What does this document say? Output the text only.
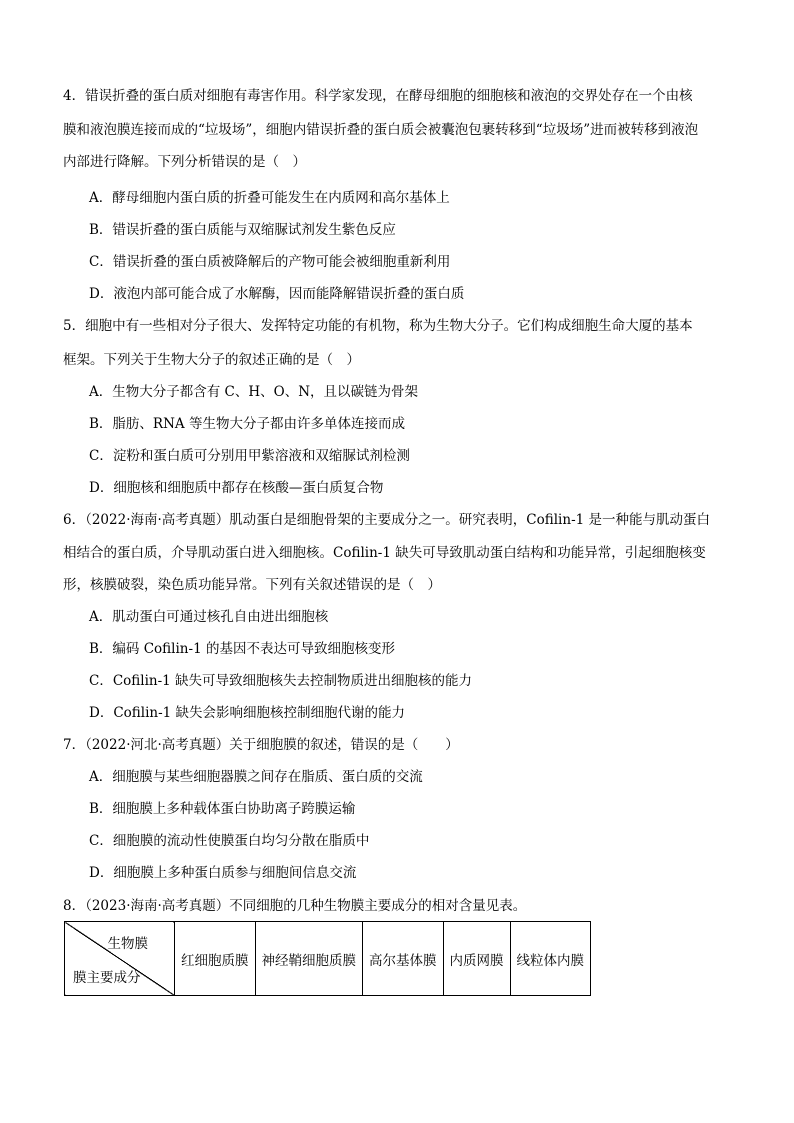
4．错误折叠的蛋白质对细胞有毒害作用。科学家发现，在酵母细胞的细胞核和液泡的交界处存在一个由核
膜和液泡膜连接而成的“垃圾场”，细胞内错误折叠的蛋白质会被囊泡包裹转移到“垃圾场”进而被转移到液泡
内部进行降解。下列分析错误的是（　）
A．酵母细胞内蛋白质的折叠可能发生在内质网和高尔基体上
B．错误折叠的蛋白质能与双缩脲试剂发生紫色反应
C．错误折叠的蛋白质被降解后的产物可能会被细胞重新利用
D．液泡内部可能合成了水解酶，因而能降解错误折叠的蛋白质
5．细胞中有一些相对分子很大、发挥特定功能的有机物，称为生物大分子。它们构成细胞生命大厦的基本
框架。下列关于生物大分子的叙述正确的是（　）
A．生物大分子都含有 C、H、O、N，且以碳链为骨架
B．脂肪、RNA 等生物大分子都由许多单体连接而成
C．淀粉和蛋白质可分别用甲紫溶液和双缩脲试剂检测
D．细胞核和细胞质中都存在核酸—蛋白质复合物
6．（2022·海南·高考真题）肌动蛋白是细胞骨架的主要成分之一。研究表明，Cofilin-1 是一种能与肌动蛋白
相结合的蛋白质，介导肌动蛋白进入细胞核。Cofilin-1 缺失可导致肌动蛋白结构和功能异常，引起细胞核变
形，核膜破裂，染色质功能异常。下列有关叙述错误的是（　）
A．肌动蛋白可通过核孔自由进出细胞核
B．编码 Cofilin-1 的基因不表达可导致细胞核变形
C．Cofilin-1 缺失可导致细胞核失去控制物质进出细胞核的能力
D．Cofilin-1 缺失会影响细胞核控制细胞代谢的能力
7．（2022·河北·高考真题）关于细胞膜的叙述，错误的是（　　）
A．细胞膜与某些细胞器膜之间存在脂质、蛋白质的交流
B．细胞膜上多种载体蛋白协助离子跨膜运输
C．细胞膜的流动性使膜蛋白均匀分散在脂质中
D．细胞膜上多种蛋白质参与细胞间信息交流
8．（2023·海南·高考真题）不同细胞的几种生物膜主要成分的相对含量见表。
生物膜
膜主要成分
	红细胞质膜	神经鞘细胞质膜	高尔基体膜	内质网膜	线粒体内膜
